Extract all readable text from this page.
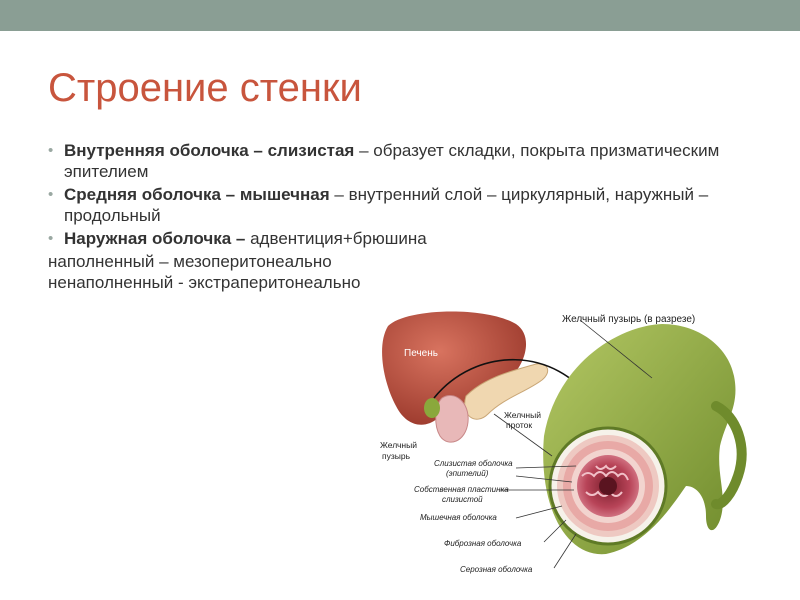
Строение стенки
• Внутренняя оболочка – слизистая – образует складки, покрыта призматическим эпителием
• Средняя оболочка – мышечная – внутренний слой – циркулярный, наружный – продольный
• Наружная оболочка – адвентиция+брюшина

наполненный – мезоперитонеально

ненаполненный - экстраперитонеально

Желчный пузырь (в разрезе)
Печень
Желчный
проток
Желчный
пузырь
Слизистая оболочка
(эпителий)
Собственная пластинка
слизистой
Мышечная оболочка
Фиброзная оболочка
Серозная оболочка
